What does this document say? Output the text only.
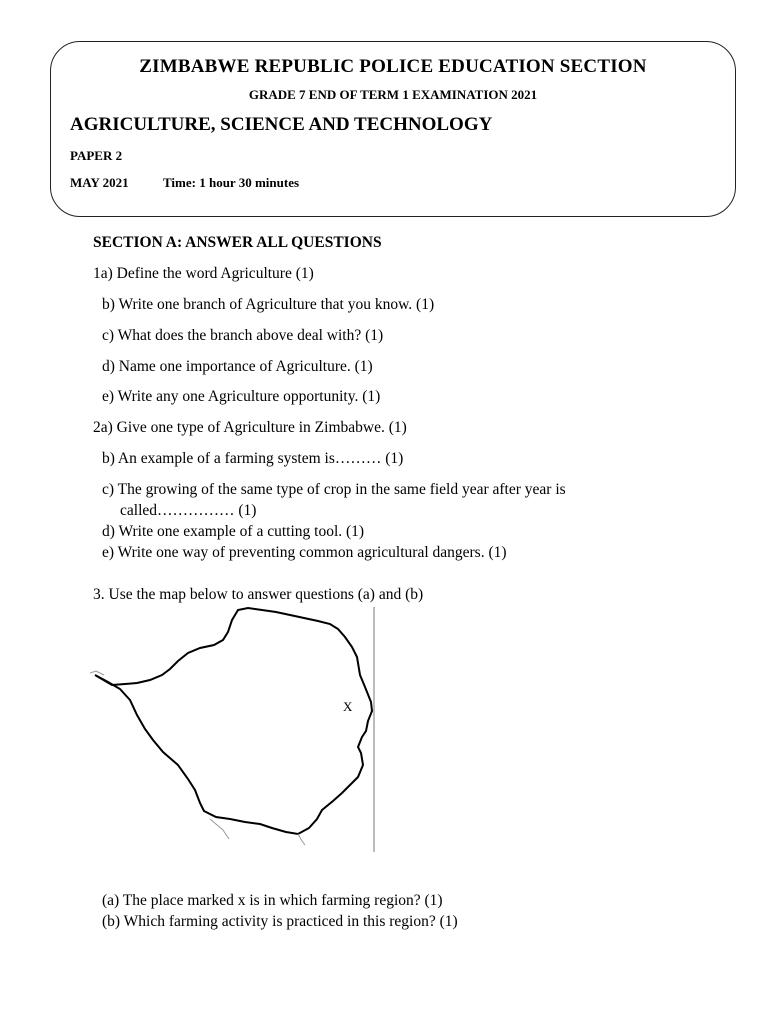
ZIMBABWE REPUBLIC POLICE EDUCATION SECTION
GRADE 7 END OF TERM 1 EXAMINATION 2021
AGRICULTURE, SCIENCE AND TECHNOLOGY
PAPER 2
MAY 2021	Time: 1 hour 30 minutes
SECTION A: ANSWER ALL QUESTIONS
1a) Define the word Agriculture (1)
b) Write one branch of Agriculture that you know. (1)
c) What does the branch above deal with? (1)
d) Name one importance of Agriculture. (1)
e) Write any one Agriculture opportunity. (1)
2a) Give one type of Agriculture in Zimbabwe. (1)
b) An example of a farming system is……… (1)
c) The growing of the same type of crop in the same field year after year is
called…………… (1)
d) Write one example of a cutting tool. (1)
e) Write one way of preventing common agricultural dangers. (1)
3. Use the map below to answer questions (a) and (b)
X
(a) The place marked x is in which farming region? (1)
(b) Which farming activity is practiced in this region? (1)
